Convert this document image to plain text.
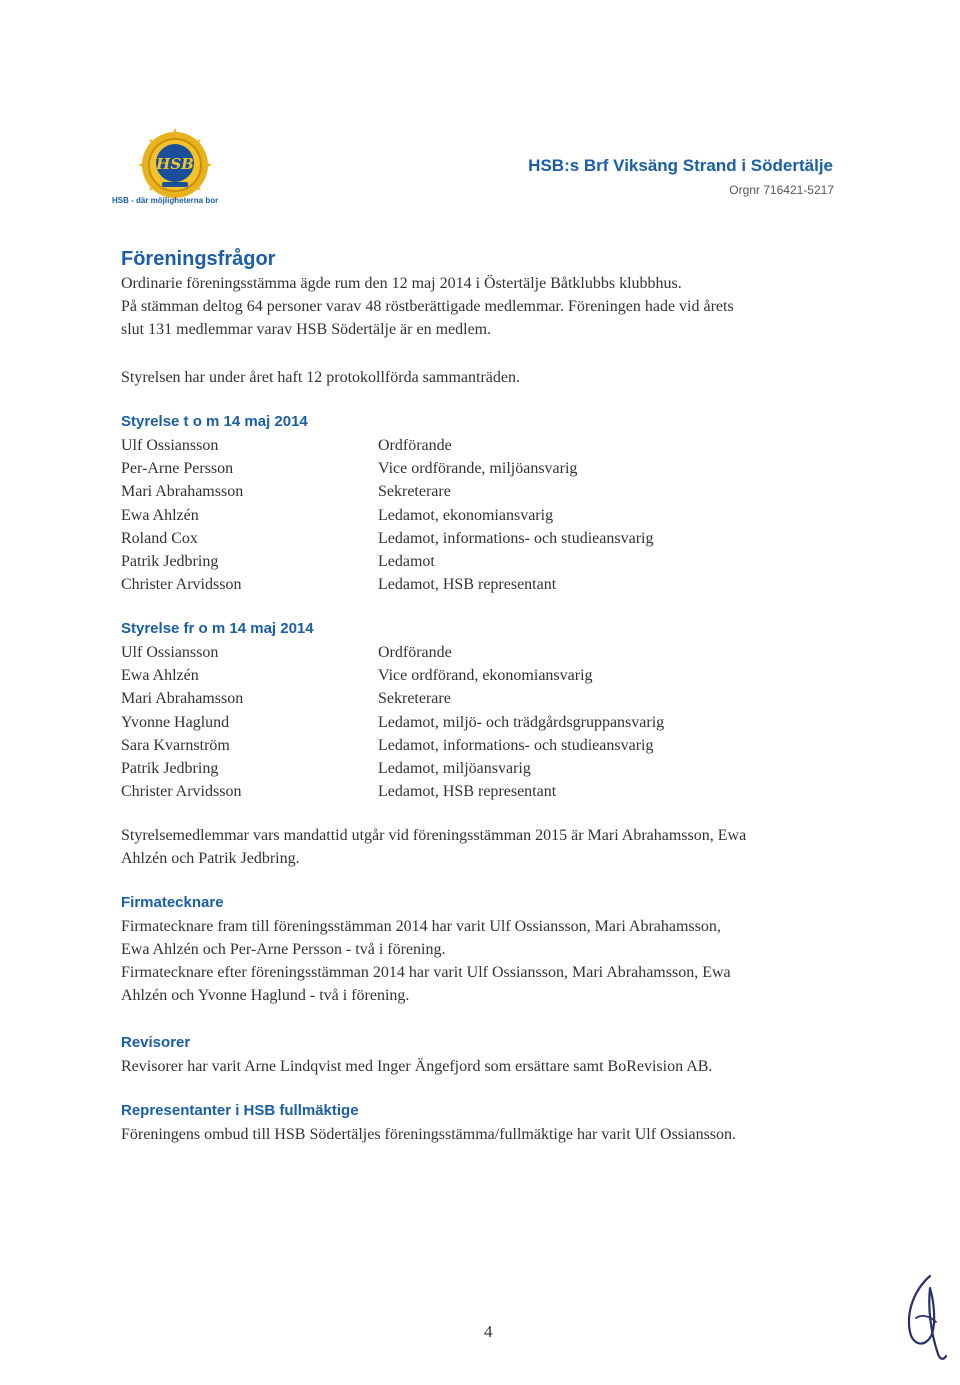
HSB
HSB - där möjligheterna bor
HSB:s Brf Viksäng Strand i Södertälje
Orgnr 716421-5217
Föreningsfrågor
Ordinarie föreningsstämma ägde rum den 12 maj 2014 i Östertälje Båtklubbs klubbhus.
På stämman deltog 64 personer varav 48 röstberättigade medlemmar. Föreningen hade vid årets
slut 131 medlemmar varav HSB Södertälje är en medlem.
Styrelsen har under året haft 12 protokollförda sammanträden.
Styrelse t o m 14 maj 2014
Ulf Ossiansson	Ordförande
Per-Arne Persson	Vice ordförande, miljöansvarig
Mari Abrahamsson	Sekreterare
Ewa Ahlzén	Ledamot, ekonomiansvarig
Roland Cox	Ledamot, informations- och studieansvarig
Patrik Jedbring	Ledamot
Christer Arvidsson	Ledamot, HSB representant
Styrelse fr o m 14 maj 2014
Ulf Ossiansson	Ordförande
Ewa Ahlzén	Vice ordförand, ekonomiansvarig
Mari Abrahamsson	Sekreterare
Yvonne Haglund	Ledamot, miljö- och trädgårdsgruppansvarig
Sara Kvarnström	Ledamot, informations- och studieansvarig
Patrik Jedbring	Ledamot, miljöansvarig
Christer Arvidsson	Ledamot, HSB representant
Styrelsemedlemmar vars mandattid utgår vid föreningsstämman 2015 är Mari Abrahamsson, Ewa
Ahlzén och Patrik Jedbring.
Firmatecknare
Firmatecknare fram till föreningsstämman 2014 har varit Ulf Ossiansson, Mari Abrahamsson,
Ewa Ahlzén och Per-Arne Persson - två i förening.
Firmatecknare efter föreningsstämman 2014 har varit Ulf Ossiansson, Mari Abrahamsson, Ewa
Ahlzén och Yvonne Haglund - två i förening.
Revisorer
Revisorer har varit Arne Lindqvist med Inger Ängefjord som ersättare samt BoRevision AB.
Representanter i HSB fullmäktige
Föreningens ombud till HSB Södertäljes föreningsstämma/fullmäktige har varit Ulf Ossiansson.
4
